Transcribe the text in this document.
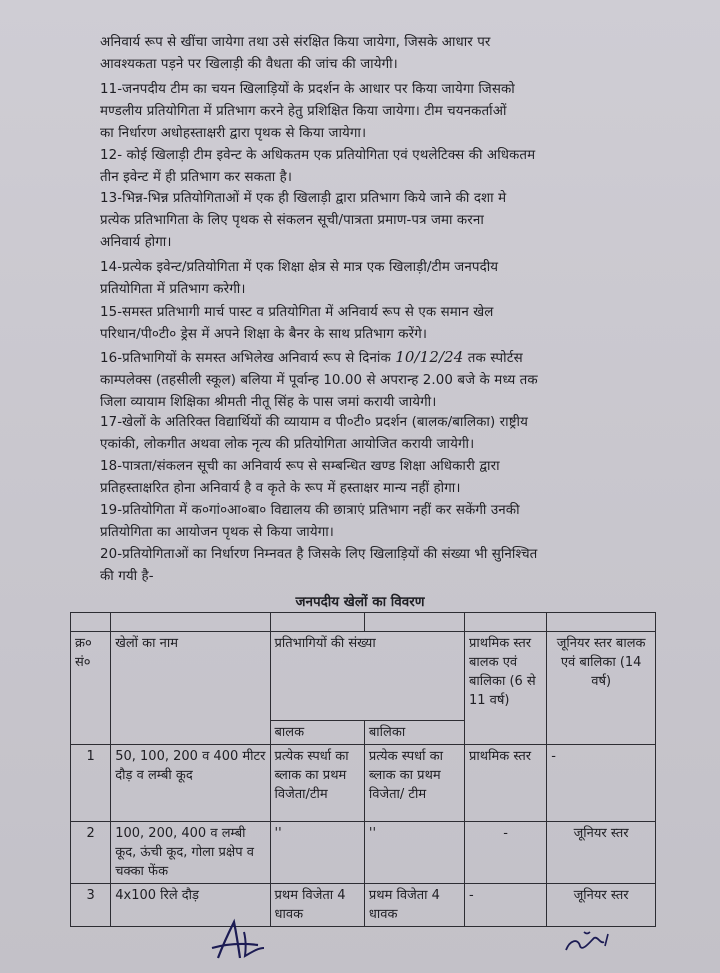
अनिवार्य रूप से खींचा जायेगा तथा उसे संरक्षित किया जायेगा, जिसके आधार पर
आवश्यकता पड़ने पर खिलाड़ी की वैधता की जांच की जायेगी।
11-जनपदीय टीम का चयन खिलाड़ियों के प्रदर्शन के आधार पर किया जायेगा जिसको
मण्डलीय प्रतियोगिता में प्रतिभाग करने हेतु प्रशिक्षित किया जायेगा। टीम चयनकर्ताओं
का निर्धारण अधोहस्ताक्षरी द्वारा पृथक से किया जायेगा।
12- कोई खिलाड़ी टीम इवेन्ट के अधिकतम एक प्रतियोगिता एवं एथलेटिक्स की अधिकतम
तीन इवेन्ट में ही प्रतिभाग कर सकता है।
13-भिन्न-भिन्न प्रतियोगिताओं में एक ही खिलाड़ी द्वारा प्रतिभाग किये जाने की दशा मे
प्रत्येक प्रतिभागिता के लिए पृथक से संकलन सूची/पात्रता प्रमाण-पत्र जमा करना
अनिवार्य होगा।
14-प्रत्येक इवेन्ट/प्रतियोगिता में एक शिक्षा क्षेत्र से मात्र एक खिलाड़ी/टीम जनपदीय
प्रतियोगिता में प्रतिभाग करेगी।
15-समस्त प्रतिभागी मार्च पास्ट व प्रतियोगिता में अनिवार्य रूप से एक समान खेल
परिधान/पी०टी० ड्रेस में अपने शिक्षा के बैनर के साथ प्रतिभाग करेंगे।
16-प्रतिभागियों के समस्त अभिलेख अनिवार्य रूप से दिनांक 10/12/24 तक स्पोर्टस
काम्पलेक्स (तहसीली स्कूल) बलिया में पूर्वान्ह 10.00 से अपरान्ह 2.00 बजे के मध्य तक
जिला व्यायाम शिक्षिका श्रीमती नीतू सिंह के पास जमां करायी जायेगी।
17-खेलों के अतिरिक्त विद्यार्थियों की व्यायाम व पी०टी० प्रदर्शन (बालक/बालिका) राष्ट्रीय
एकांकी, लोकगीत अथवा लोक नृत्य की प्रतियोगिता आयोजित करायी जायेगी।
18-पात्रता/संकलन सूची का अनिवार्य रूप से सम्बन्धित खण्ड शिक्षा अधिकारी द्वारा
प्रतिहस्ताक्षरित होना अनिवार्य है व कृते के रूप में हस्ताक्षर मान्य नहीं होगा।
19-प्रतियोगिता में क०गां०आ०बा० विद्यालय की छात्राएं प्रतिभाग नहीं कर सकेंगी उनकी
प्रतियोगिता का आयोजन पृथक से किया जायेगा।
20-प्रतियोगिताओं का निर्धारण निम्नवत है जिसके लिए खिलाड़ियों की संख्या भी सुनिश्चित
की गयी है-
जनपदीय खेलों का विवरण

क्र० सं०	खेलों का नाम	प्रतिभागियों की संख्या		प्राथमिक स्तर बालक एवं बालिका (6 से 11 वर्ष)	जूनियर स्तर बालक एवं बालिका (14 वर्ष)
		बालक	बालिका		
1	50, 100, 200 व 400 मीटर दौड़ व लम्बी कूद	प्रत्येक स्पर्धा का ब्लाक का प्रथम विजेता/टीम	प्रत्येक स्पर्धा का ब्लाक का प्रथम विजेता/ टीम	प्राथमिक स्तर	-
2	100, 200, 400 व लम्बी कूद, ऊंची कूद, गोला प्रक्षेप व चक्का फेंक	''	''	-	जूनियर स्तर
3	4x100 रिले दौड़	प्रथम विजेता 4 धावक	प्रथम विजेता 4 धावक	-	जूनियर स्तर
